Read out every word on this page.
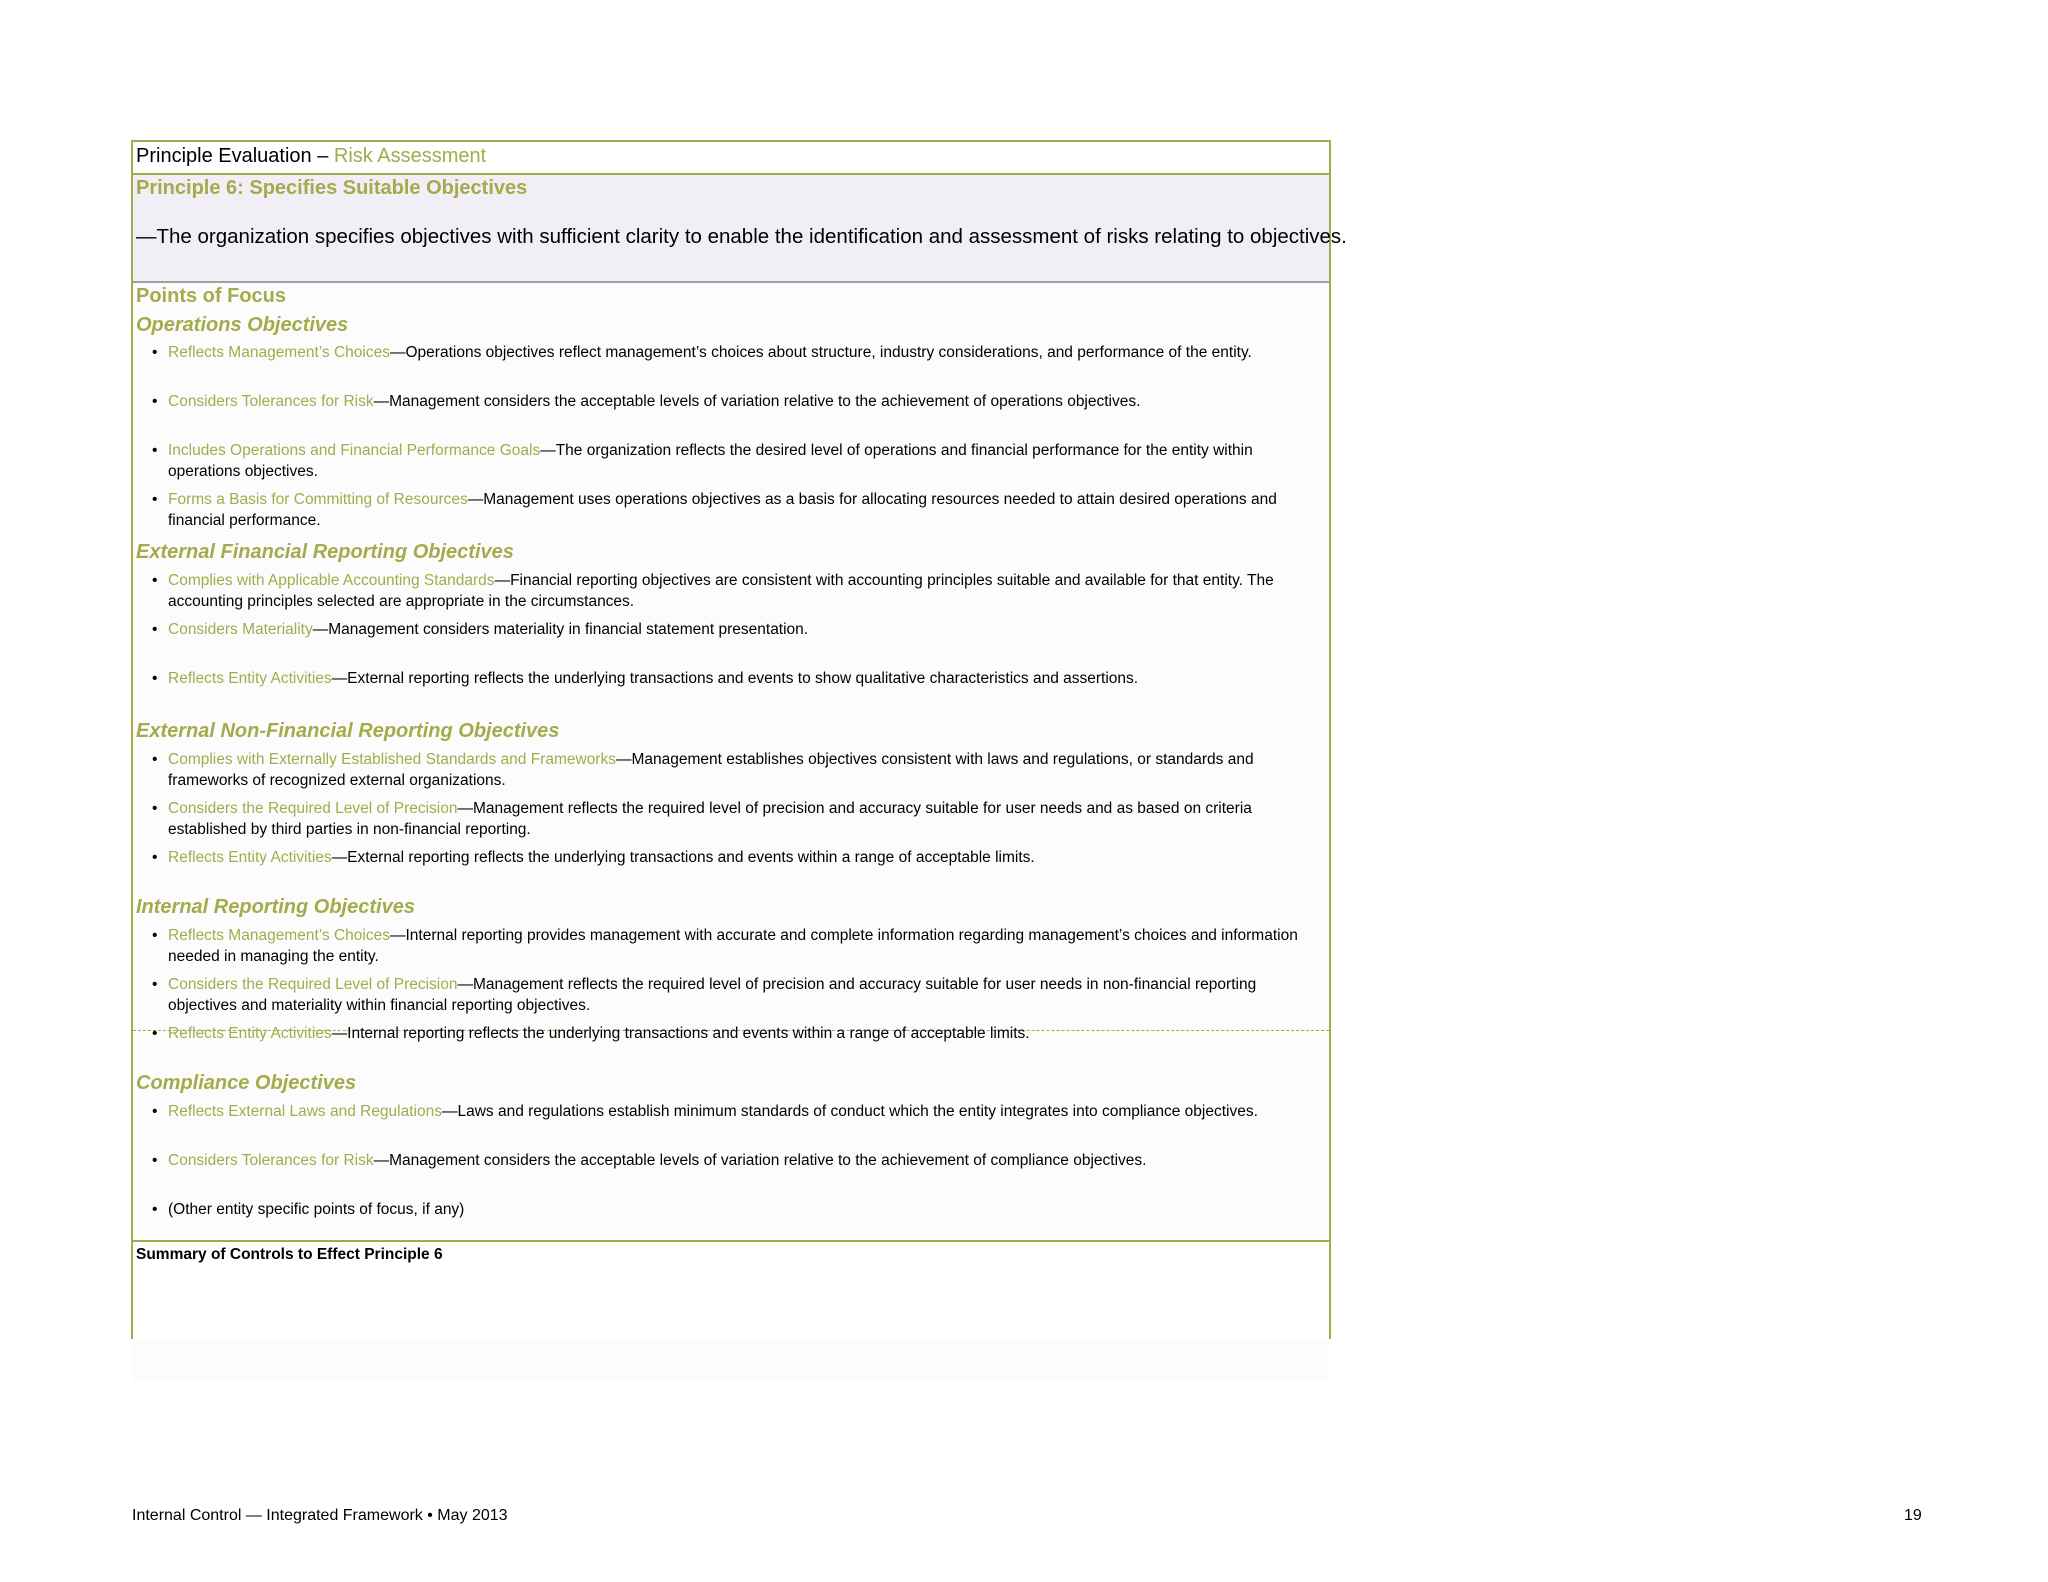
Principle Evaluation – Risk Assessment
Principle 6: Specifies Suitable Objectives
—The organization specifies objectives with sufficient clarity to enable the identification and assessment of risks relating to objectives.
Points of Focus
Operations Objectives
• Reflects Management’s Choices—Operations objectives reflect management’s choices about structure, industry considerations, and performance of the entity.
• Considers Tolerances for Risk—Management considers the acceptable levels of variation relative to the achievement of operations objectives.
• Includes Operations and Financial Performance Goals—The organization reflects the desired level of operations and financial performance for the entity within operations objectives.
• Forms a Basis for Committing of Resources—Management uses operations objectives as a basis for allocating resources needed to attain desired operations and financial performance.
External Financial Reporting Objectives
• Complies with Applicable Accounting Standards—Financial reporting objectives are consistent with accounting principles suitable and available for that entity. The accounting principles selected are appropriate in the circumstances.
• Considers Materiality—Management considers materiality in financial statement presentation.
• Reflects Entity Activities—External reporting reflects the underlying transactions and events to show qualitative characteristics and assertions.
External Non-Financial Reporting Objectives
• Complies with Externally Established Standards and Frameworks—Management establishes objectives consistent with laws and regulations, or standards and frameworks of recognized external organizations.
• Considers the Required Level of Precision—Management reflects the required level of precision and accuracy suitable for user needs and as based on criteria established by third parties in non-financial reporting.
• Reflects Entity Activities—External reporting reflects the underlying transactions and events within a range of acceptable limits.
Internal Reporting Objectives
• Reflects Management’s Choices—Internal reporting provides management with accurate and complete information regarding management’s choices and information needed in managing the entity.
• Considers the Required Level of Precision—Management reflects the required level of precision and accuracy suitable for user needs in non-financial reporting objectives and materiality within financial reporting objectives.
• Reflects Entity Activities—Internal reporting reflects the underlying transactions and events within a range of acceptable limits.
Compliance Objectives
• Reflects External Laws and Regulations—Laws and regulations establish minimum standards of conduct which the entity integrates into compliance objectives.
• Considers Tolerances for Risk—Management considers the acceptable levels of variation relative to the achievement of compliance objectives.
• (Other entity specific points of focus, if any)
Summary of Controls to Effect Principle 6
Internal Control — Integrated Framework • May 2013	19
